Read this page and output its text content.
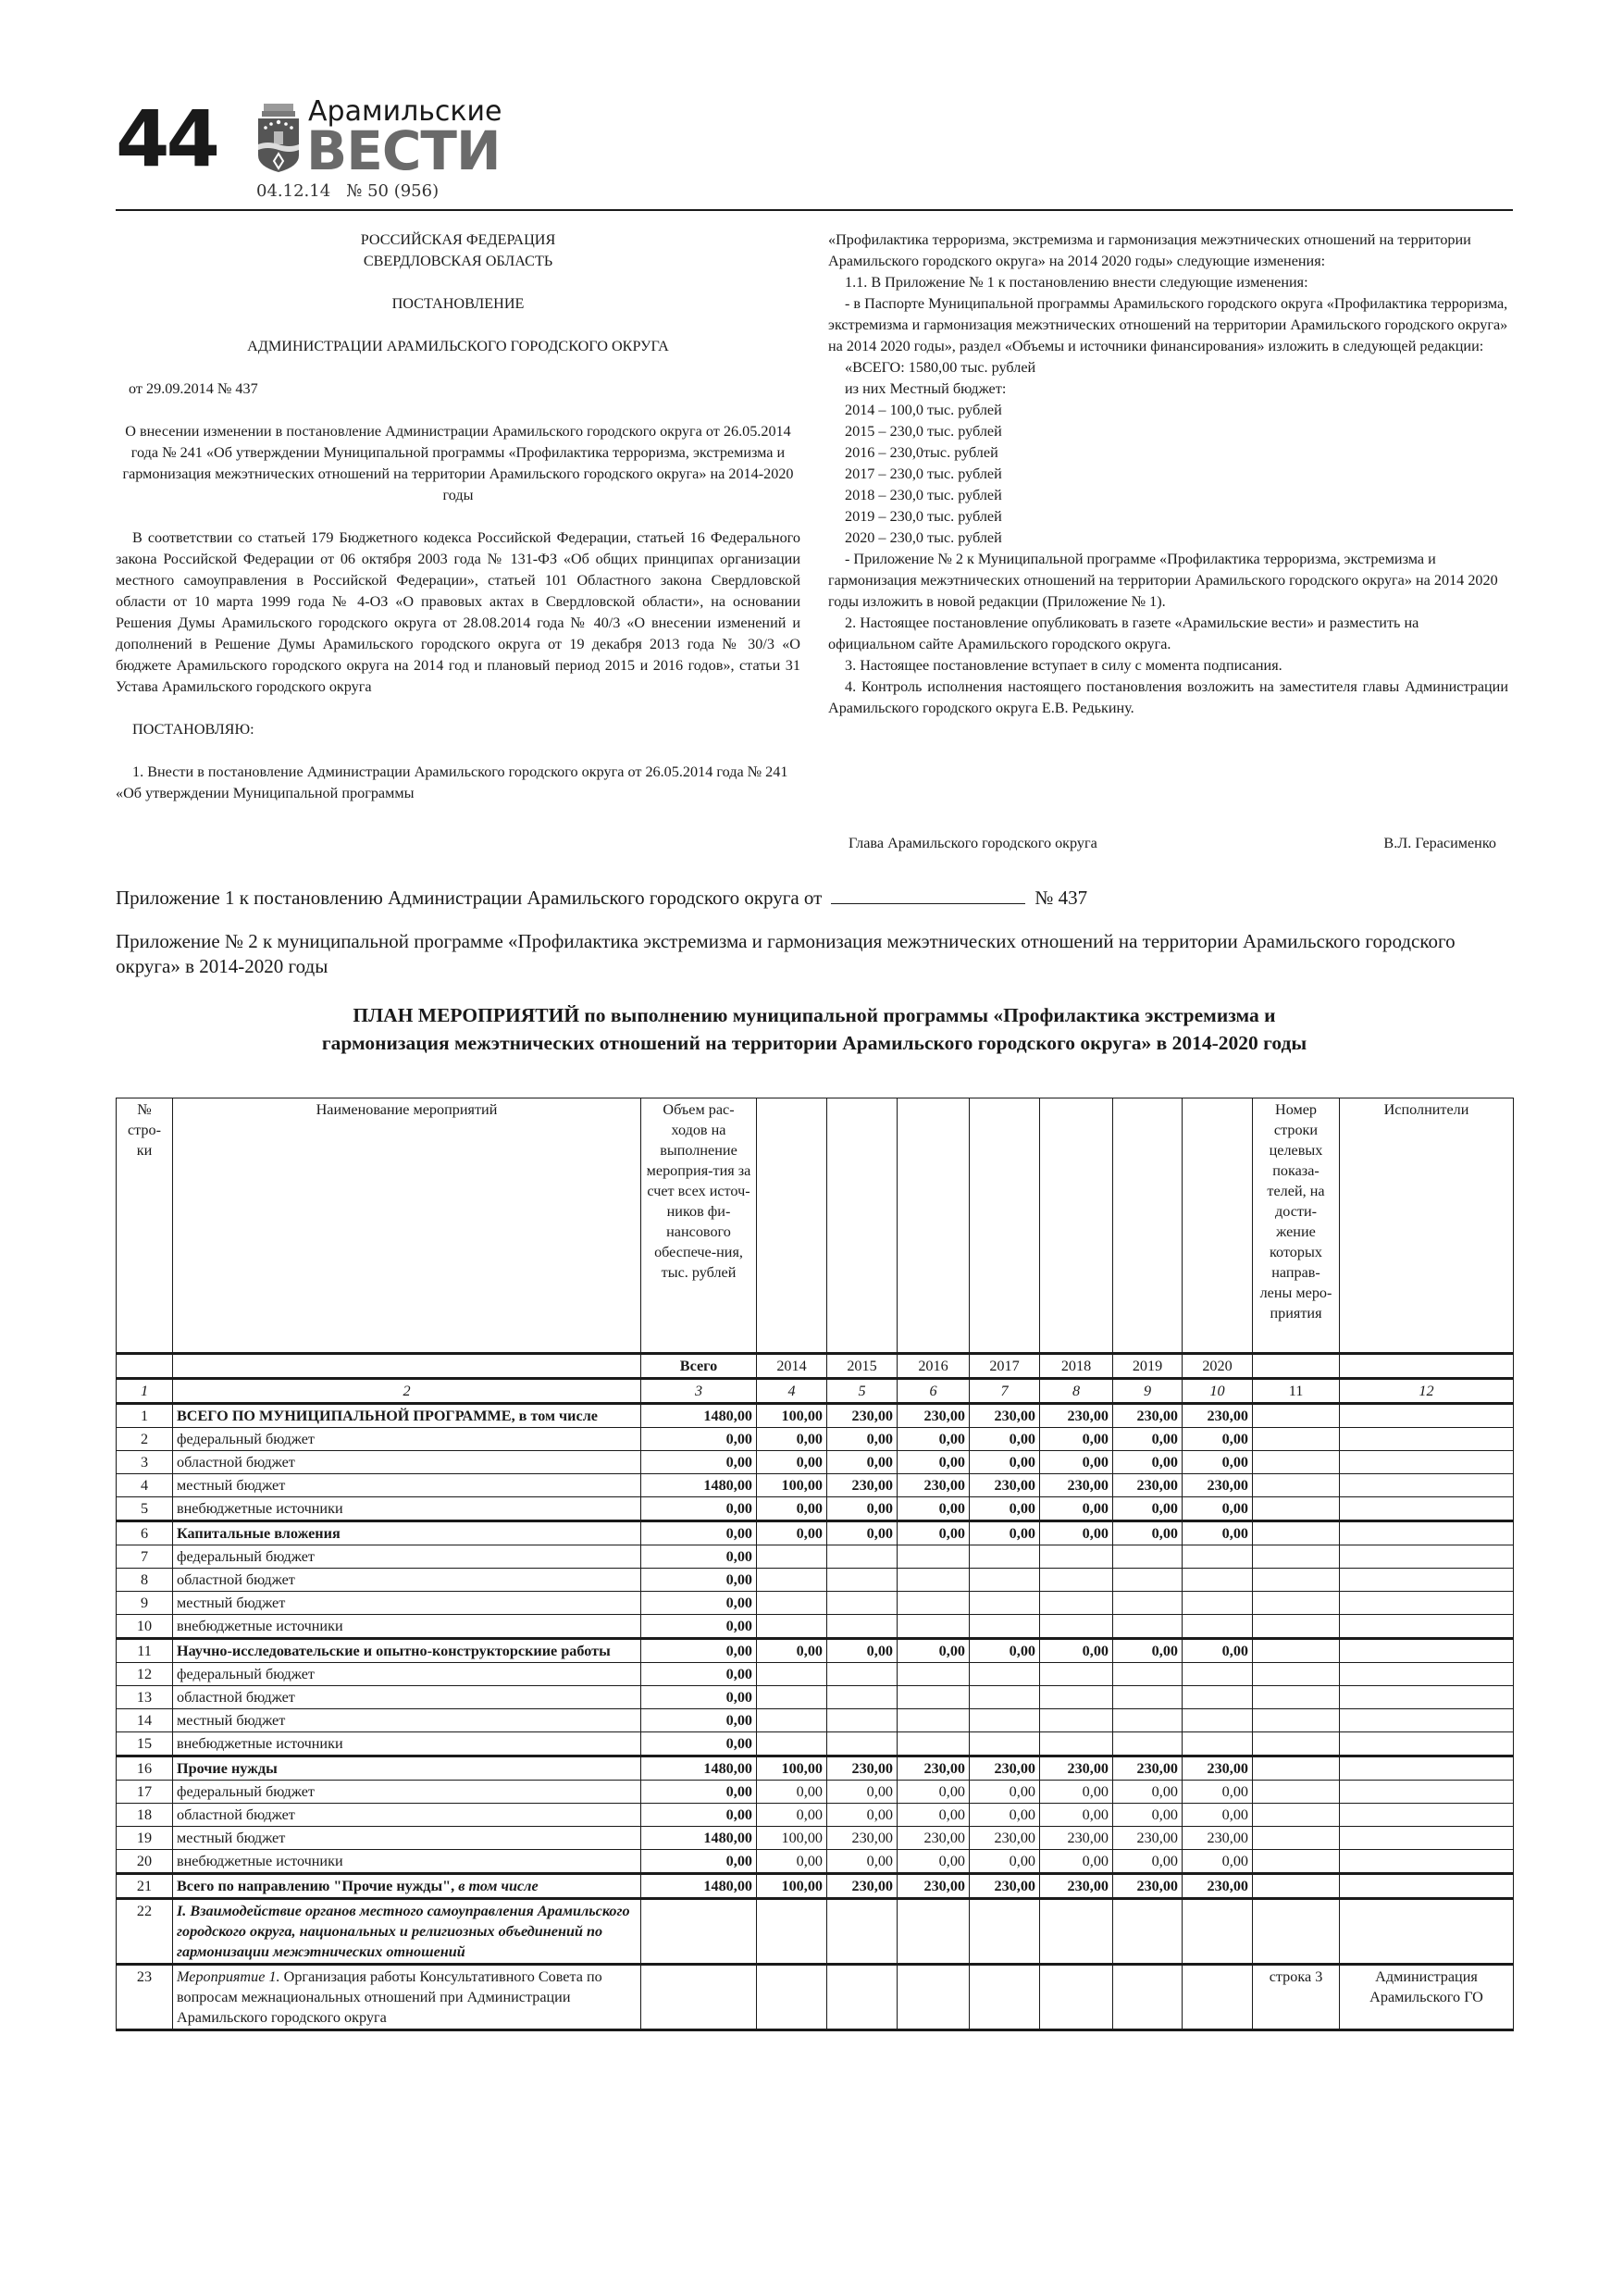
44	Арамильские
ВЕСТИ
04.12.14 № 50 (956)

РОССИЙСКАЯ ФЕДЕРАЦИЯ

СВЕРДЛОВСКАЯ ОБЛАСТЬ

ПОСТАНОВЛЕНИЕ

АДМИНИСТРАЦИИ АРАМИЛЬСКОГО ГОРОДСКОГО ОКРУГА

от 29.09.2014 № 437

О внесении изменении в постановление Администрации Арамильского городского округа от 26.05.2014 года № 241 «Об утверждении Муниципальной программы «Профилактика терроризма, экстремизма и гармонизация межэтнических отношений на территории Арамильского городского округа» на 2014-2020 годы

В соответствии со статьей 179 Бюджетного кодекса Российской Федерации, статьей 16 Федерального закона Российской Федерации от 06 октября 2003 года № 131-ФЗ «Об общих принципах организации местного самоуправления в Российской Федерации», статьей 101 Областного закона Свердловской области от 10 марта 1999 года № 4-ОЗ «О правовых актах в Свердловской области», на основании Решения Думы Арамильского городского округа от 28.08.2014 года № 40/3 «О внесении изменений и дополнений в Решение Думы Арамильского городского округа от 19 декабря 2013 года № 30/3 «О бюджете Арамильского городского округа на 2014 год и плановый период 2015 и 2016 годов», статьи 31 Устава Арамильского городского округа

ПОСТАНОВЛЯЮ:

1. Внести в постановление Администрации Арамильского городского округа от 26.05.2014 года № 241 «Об утверждении Муниципальной программы

«Профилактика терроризма, экстремизма и гармонизация межэтнических отношений на территории Арамильского городского округа» на 2014 2020 годы» следующие изменения:

1.1. В Приложение № 1 к постановлению внести следующие изменения:

- в Паспорте Муниципальной программы Арамильского городского округа «Профилактика терроризма, экстремизма и гармонизация межэтнических отношений на территории Арамильского городского округа» на 2014 2020 годы», раздел «Объемы и источники финансирования» изложить в следующей редакции:

«ВСЕГО: 1580,00 тыс. рублей

из них Местный бюджет:

2014 – 100,0 тыс. рублей

2015 – 230,0 тыс. рублей

2016 – 230,0тыс. рублей

2017 – 230,0 тыс. рублей

2018 – 230,0 тыс. рублей

2019 – 230,0 тыс. рублей

2020 – 230,0 тыс. рублей

- Приложение № 2 к Муниципальной программе «Профилактика терроризма, экстремизма и гармонизация межэтнических отношений на территории Арамильского городского округа» на 2014 2020 годы изложить в новой редакции (Приложение № 1).

2. Настоящее постановление опубликовать в газете «Арамильские вести» и разместить на официальном сайте Арамильского городского округа.

3. Настоящее постановление вступает в силу с момента подписания.

4. Контроль исполнения настоящего постановления возложить на заместителя главы Администрации Арамильского городского округа Е.В. Редькину.

Глава Арамильского городского округа	В.Л. Герасименко
Приложение 1 к постановлению Администрации Арамильского городского округа от	№ 437
Приложение № 2 к муниципальной программе «Профилактика экстремизма и гармонизация межэтнических отношений на территории Арамильского городского округа» в 2014-2020 годы
ПЛАН МЕРОПРИЯТИЙ по выполнению муниципальной программы «Профилактика экстремизма и
гармонизация межэтнических отношений на территории Арамильского городского округа» в 2014-2020 годы
№ стро-ки	Наименование мероприятий	Объем рас-ходов на выполнение мероприя-тия за счет всех источ-ников фи-нансового обеспече-ния, тыс. рублей								Номер строки целевых показа-телей, на дости-жение которых направ-лены меро-приятия	Исполнители
		Всего	2014	2015	2016	2017	2018	2019	2020		
1	2	3	4	5	6	7	8	9	10	11	12
1	ВСЕГО ПО МУНИЦИПАЛЬНОЙ ПРОГРАММЕ, в том числе	1480,00	100,00	230,00	230,00	230,00	230,00	230,00	230,00		
2	федеральный бюджет	0,00	0,00	0,00	0,00	0,00	0,00	0,00	0,00		
3	областной бюджет	0,00	0,00	0,00	0,00	0,00	0,00	0,00	0,00		
4	местный бюджет	1480,00	100,00	230,00	230,00	230,00	230,00	230,00	230,00		
5	внебюджетные источники	0,00	0,00	0,00	0,00	0,00	0,00	0,00	0,00		
6	Капитальные вложения	0,00	0,00	0,00	0,00	0,00	0,00	0,00	0,00		
7	федеральный бюджет	0,00									
8	областной бюджет	0,00									
9	местный бюджет	0,00									
10	внебюджетные источники	0,00									
11	Научно-исследовательские и опытно-конструкторскиие работы	0,00	0,00	0,00	0,00	0,00	0,00	0,00	0,00		
12	федеральный бюджет	0,00									
13	областной бюджет	0,00									
14	местный бюджет	0,00									
15	внебюджетные источники	0,00									
16	Прочие нужды	1480,00	100,00	230,00	230,00	230,00	230,00	230,00	230,00		
17	федеральный бюджет	0,00	0,00	0,00	0,00	0,00	0,00	0,00	0,00		
18	областной бюджет	0,00	0,00	0,00	0,00	0,00	0,00	0,00	0,00		
19	местный бюджет	1480,00	100,00	230,00	230,00	230,00	230,00	230,00	230,00		
20	внебюджетные источники	0,00	0,00	0,00	0,00	0,00	0,00	0,00	0,00		
21	Всего по направлению "Прочие нужды", в том числе	1480,00	100,00	230,00	230,00	230,00	230,00	230,00	230,00		
22	I. Взаимодействие органов местного самоуправления Арамильского городского округа, национальных и религиозных объединений по гармонизации межэтнических отношений										
23	Мероприятие 1. Организация работы Консультативного Совета по вопросам межнациональных отношений при Администрации Арамильского городского округа									строка 3	Администрация Арамильского ГО
